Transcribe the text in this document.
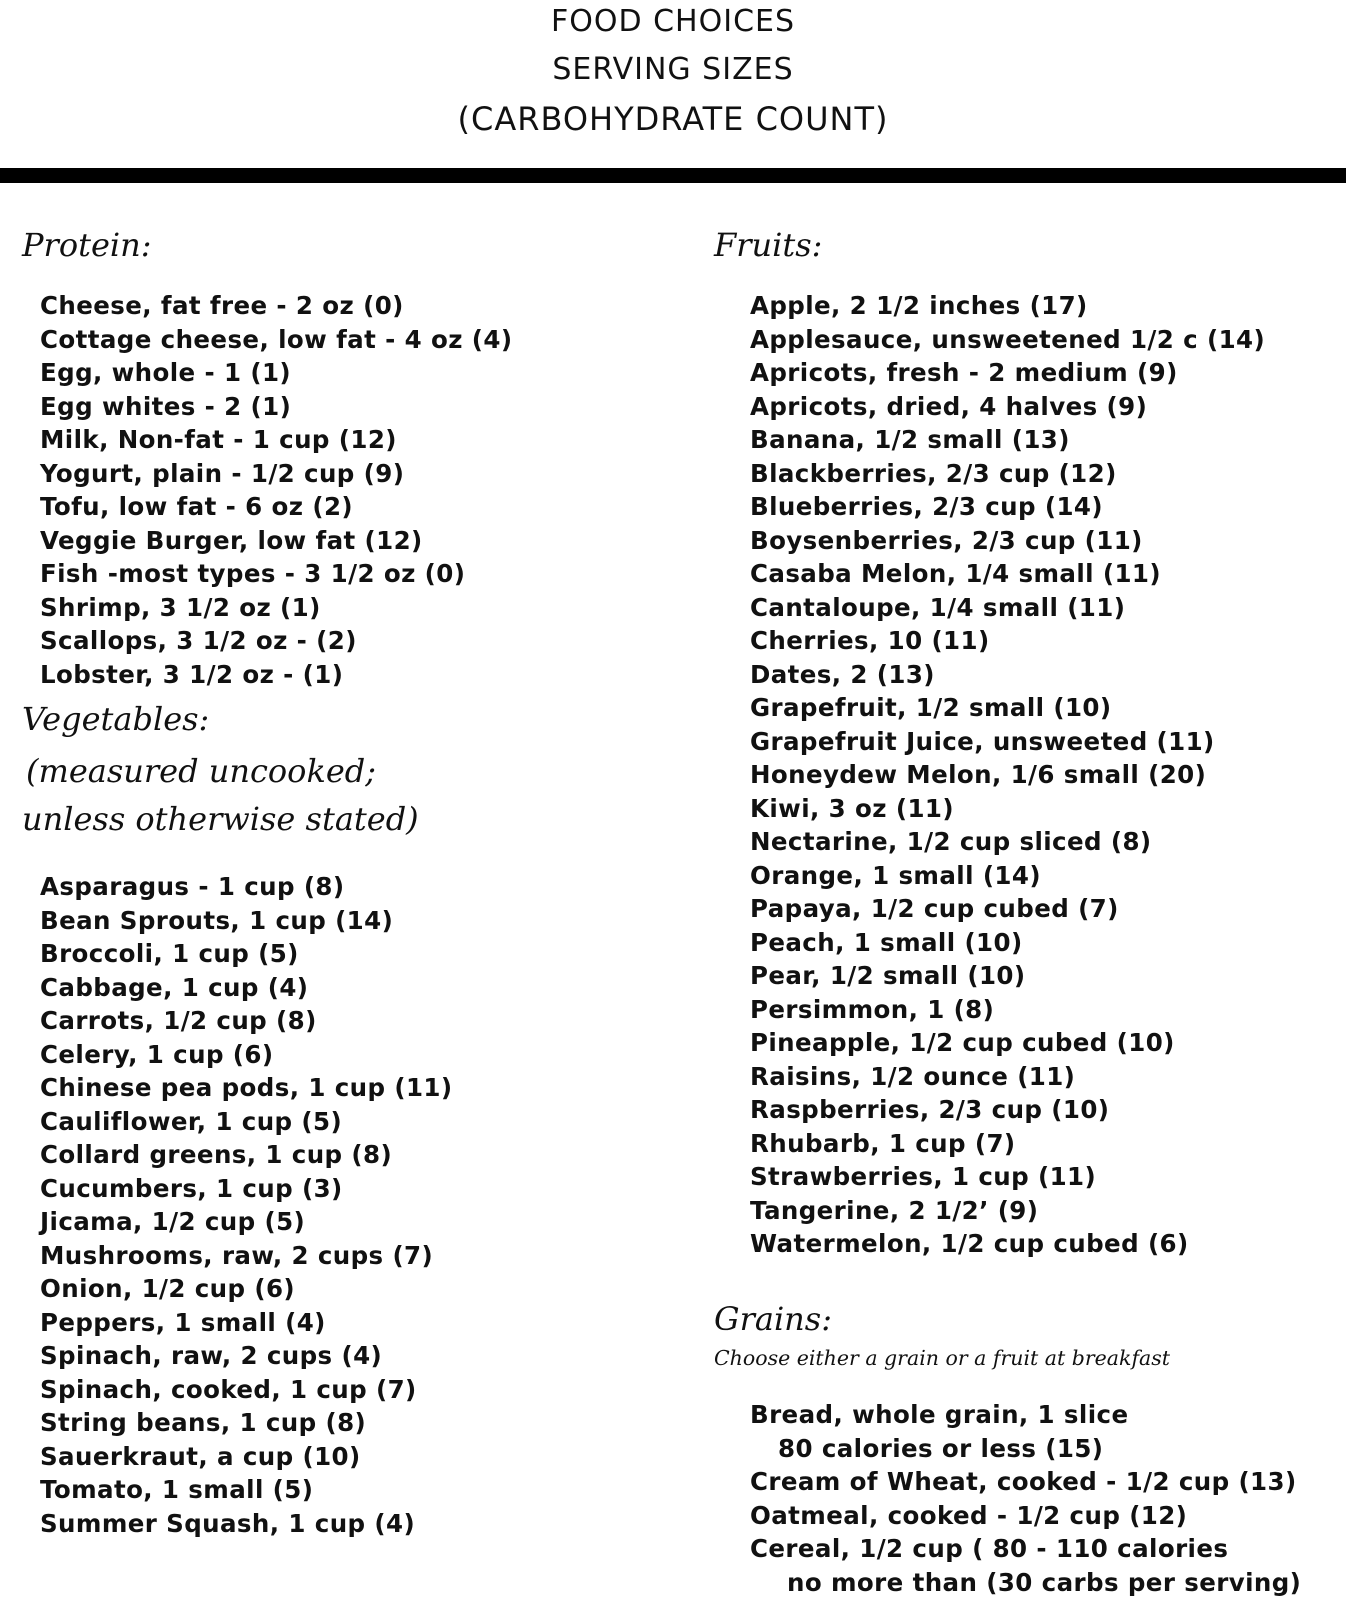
FOOD CHOICES
SERVING SIZES
(CARBOHYDRATE COUNT)
Protein:
Cheese, fat free - 2 oz (0)
Cottage cheese, low fat - 4 oz (4)
Egg, whole - 1 (1)
Egg whites - 2 (1)
Milk, Non-fat - 1 cup (12)
Yogurt, plain - 1/2 cup (9)
Tofu, low fat - 6 oz (2)
Veggie Burger, low fat (12)
Fish -most types - 3 1/2 oz (0)
Shrimp, 3 1/2 oz (1)
Scallops, 3 1/2 oz - (2)
Lobster, 3 1/2 oz - (1)
Vegetables:
(measured uncooked;
unless otherwise stated)
Asparagus - 1 cup (8)
Bean Sprouts, 1 cup (14)
Broccoli, 1 cup (5)
Cabbage, 1 cup (4)
Carrots, 1/2 cup (8)
Celery, 1 cup (6)
Chinese pea pods, 1 cup (11)
Cauliflower, 1 cup (5)
Collard greens, 1 cup (8)
Cucumbers, 1 cup (3)
Jicama, 1/2 cup (5)
Mushrooms, raw, 2 cups (7)
Onion, 1/2 cup (6)
Peppers, 1 small (4)
Spinach, raw, 2 cups (4)
Spinach, cooked, 1 cup (7)
String beans, 1 cup (8)
Sauerkraut, a cup (10)
Tomato, 1 small (5)
Summer Squash, 1 cup (4)
Fruits:
Apple, 2 1/2 inches (17)
Applesauce, unsweetened 1/2 c (14)
Apricots, fresh - 2 medium (9)
Apricots, dried, 4 halves (9)
Banana, 1/2 small (13)
Blackberries, 2/3 cup (12)
Blueberries, 2/3 cup (14)
Boysenberries, 2/3 cup (11)
Casaba Melon, 1/4 small (11)
Cantaloupe, 1/4 small (11)
Cherries, 10 (11)
Dates, 2 (13)
Grapefruit, 1/2 small (10)
Grapefruit Juice, unsweeted (11)
Honeydew Melon, 1/6 small (20)
Kiwi, 3 oz (11)
Nectarine, 1/2 cup sliced (8)
Orange, 1 small (14)
Papaya, 1/2 cup cubed (7)
Peach, 1 small (10)
Pear, 1/2 small (10)
Persimmon, 1 (8)
Pineapple, 1/2 cup cubed (10)
Raisins, 1/2 ounce (11)
Raspberries, 2/3 cup (10)
Rhubarb, 1 cup (7)
Strawberries, 1 cup (11)
Tangerine, 2 1/2’ (9)
Watermelon, 1/2 cup cubed (6)
Grains:
Choose either a grain or a fruit at breakfast
Bread, whole grain, 1 slice
80 calories or less (15)
Cream of Wheat, cooked - 1/2 cup (13)
Oatmeal, cooked - 1/2 cup (12)
Cereal, 1/2 cup ( 80 - 110 calories
no more than (30 carbs per serving)
